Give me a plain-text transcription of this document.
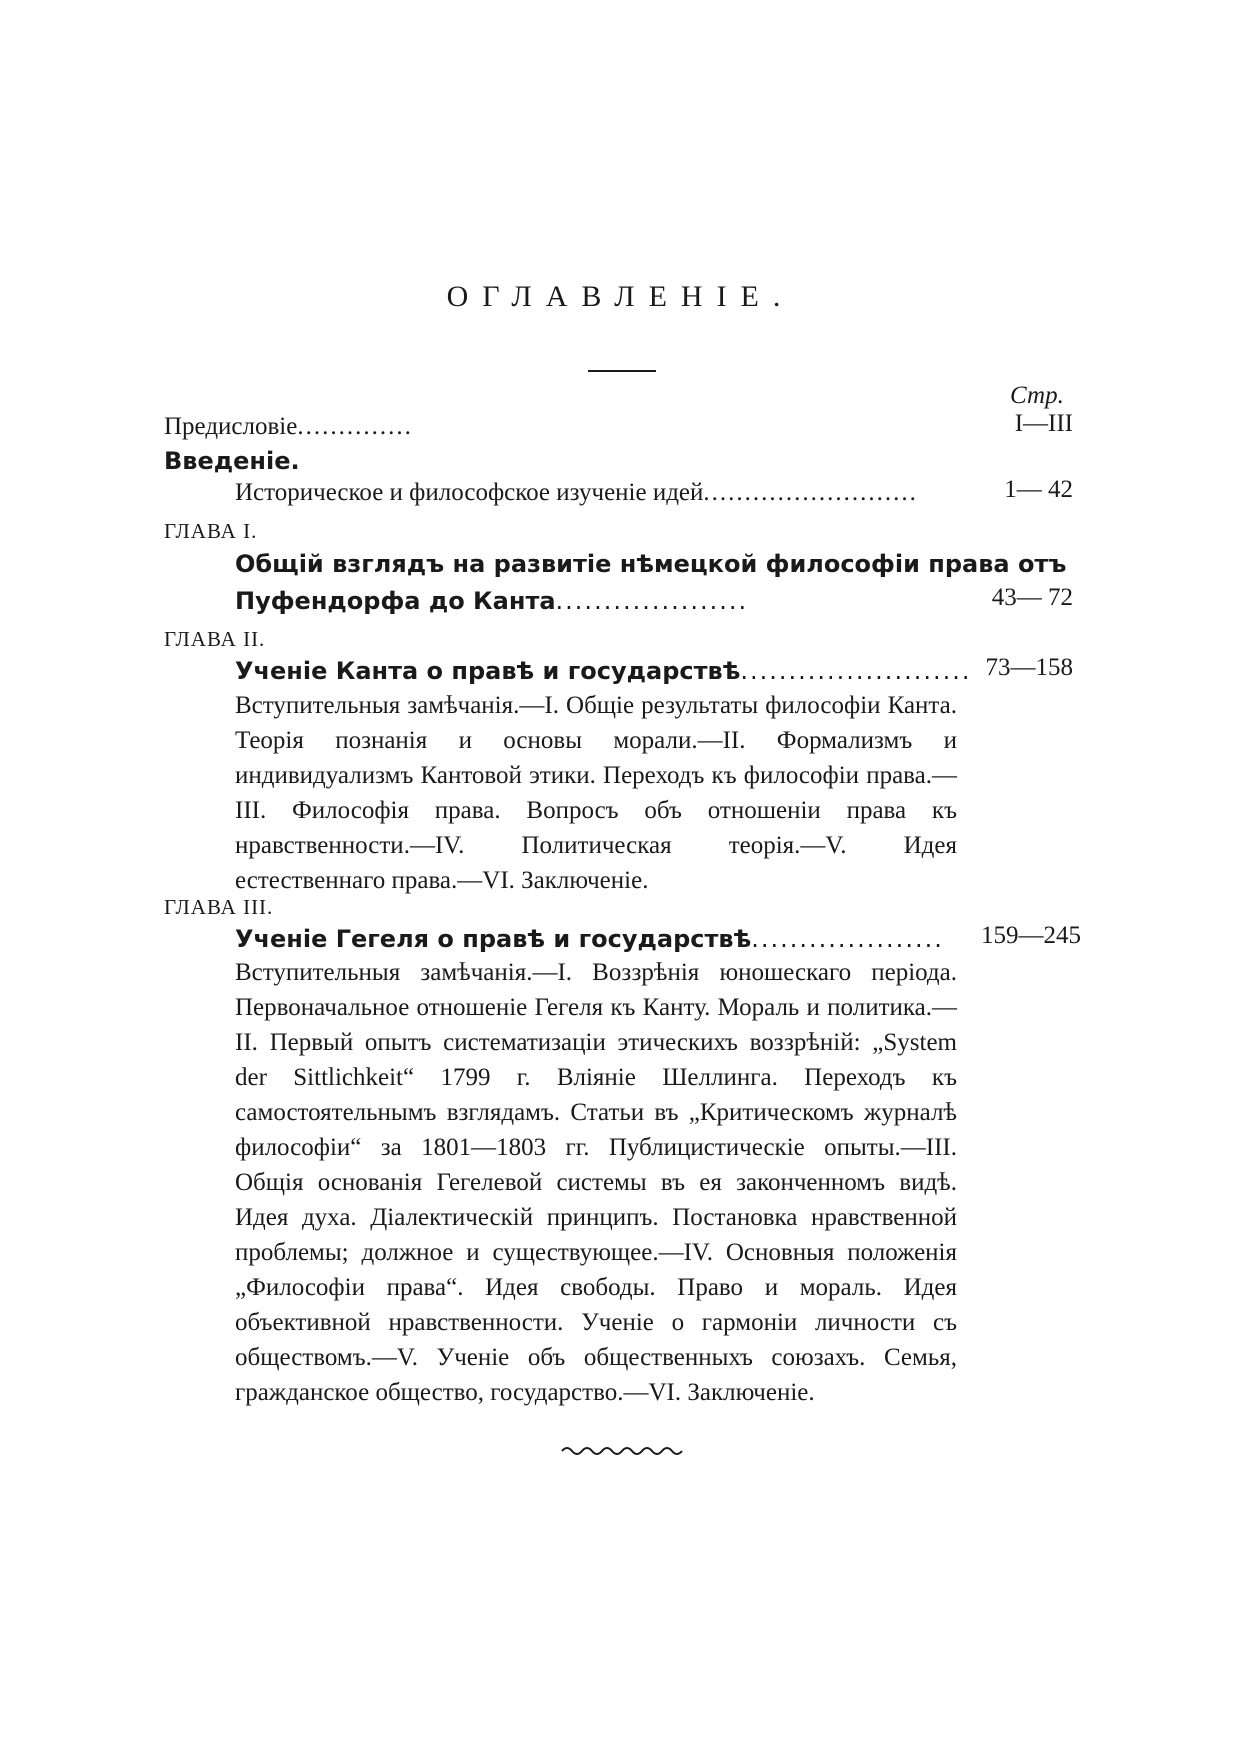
ОГЛАВЛЕНІЕ.
Стр.
Предисловіе..............	I—III
Введеніе.
Историческое и философское изученіе идей..........................	1— 42
ГЛАВА I.
Общій взглядъ на развитіе нѣмецкой философіи права отъ
Пуфендорфа до Канта....................	43— 72
ГЛАВА II.
Ученіе Канта о правѣ и государствѣ........................ 73—158
Вступительныя замѣчанія.—I. Общіе результаты философіи Канта. Теорія познанія и основы морали.—II. Формализмъ и индивидуализмъ Кантовой этики. Переходъ къ философіи права.—III. Философія права. Вопросъ объ отношеніи права къ нравственности.—IV. Политическая теорія.—V. Идея естественнаго права.—VI. Заключеніе.
ГЛАВА III.
Ученіе Гегеля о правѣ и государствѣ.................... 159—245
Вступительныя замѣчанія.—I. Воззрѣнія юношескаго періода. Первоначальное отношеніе Гегеля къ Канту. Мораль и политика.—II. Первый опытъ систематизаціи этическихъ воззрѣній: „System der Sittlichkeit“ 1799 г. Вліяніе Шеллинга. Переходъ къ самостоятельнымъ взглядамъ. Статьи въ „Критическомъ журналѣ философіи“ за 1801—1803 гг. Публицистическіе опыты.—III. Общія основанія Гегелевой системы въ ея законченномъ видѣ. Идея духа. Діалектическій принципъ. Постановка нравственной проблемы; должное и существующее.—IV. Основныя положенія „Философіи права“. Идея свободы. Право и мораль. Идея объективной нравственности. Ученіе о гармоніи личности съ обществомъ.—V. Ученіе объ общественныхъ союзахъ. Семья, гражданское общество, государство.—VI. Заключеніе.
